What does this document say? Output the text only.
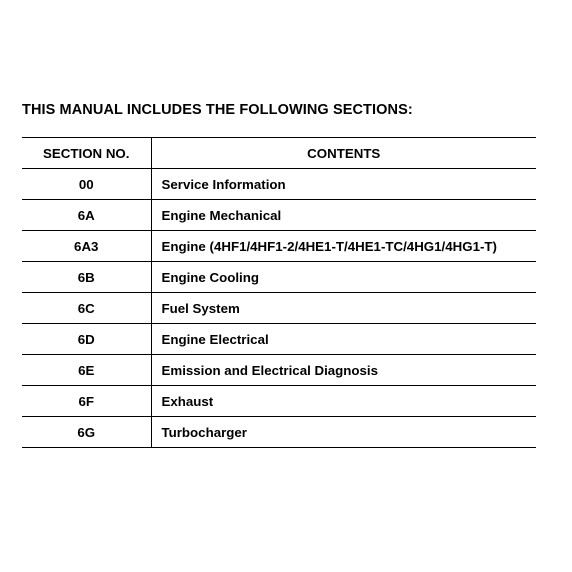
THIS MANUAL INCLUDES THE FOLLOWING SECTIONS:
SECTION NO.	CONTENTS
00	Service Information
6A	Engine Mechanical
6A3	Engine (4HF1/4HF1-2/4HE1-T/4HE1-TC/4HG1/4HG1-T)
6B	Engine Cooling
6C	Fuel System
6D	Engine Electrical
6E	Emission and Electrical Diagnosis
6F	Exhaust
6G	Turbocharger
